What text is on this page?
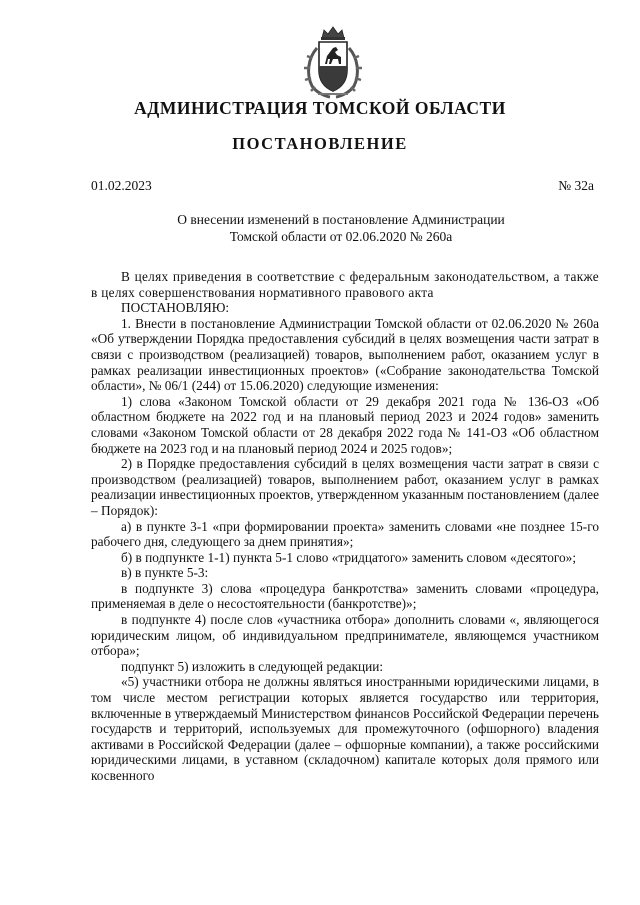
АДМИНИСТРАЦИЯ ТОМСКОЙ ОБЛАСТИ
ПОСТАНОВЛЕНИЕ
01.02.2023	№ 32а
О внесении изменений в постановление Администрации
Томской области от 02.06.2020 № 260а

В целях приведения в соответствие с федеральным законодательством, а также в целях совершенствования нормативного правового акта

ПОСТАНОВЛЯЮ:

1. Внести в постановление Администрации Томской области от 02.06.2020 № 260а «Об утверждении Порядка предоставления субсидий в целях возмещения части затрат в связи с производством (реализацией) товаров, выполнением работ, оказанием услуг в рамках реализации инвестиционных проектов» («Собрание законодательства Томской области», № 06/1 (244) от 15.06.2020) следующие изменения:

1) слова «Законом Томской области от 29 декабря 2021 года № 136-ОЗ «Об областном бюджете на 2022 год и на плановый период 2023 и 2024 годов» заменить словами «Законом Томской области от 28 декабря 2022 года № 141-ОЗ «Об областном бюджете на 2023 год и на плановый период 2024 и 2025 годов»;

2) в Порядке предоставления субсидий в целях возмещения части затрат в связи с производством (реализацией) товаров, выполнением работ, оказанием услуг в рамках реализации инвестиционных проектов, утвержденном указанным постановлением (далее – Порядок):

а) в пункте 3-1 «при формировании проекта» заменить словами «не позднее 15-го рабочего дня, следующего за днем принятия»;

б) в подпункте 1-1) пункта 5-1 слово «тридцатого» заменить словом «десятого»;

в) в пункте 5-3:

в подпункте 3) слова «процедура банкротства» заменить словами «процедура, применяемая в деле о несостоятельности (банкротстве)»;

в подпункте 4) после слов «участника отбора» дополнить словами «, являющегося юридическим лицом, об индивидуальном предпринимателе, являющемся участником отбора»;

подпункт 5) изложить в следующей редакции:

«5) участники отбора не должны являться иностранными юридическими лицами, в том числе местом регистрации которых является государство или территория, включенные в утверждаемый Министерством финансов Российской Федерации перечень государств и территорий, используемых для промежуточного (офшорного) владения активами в Российской Федерации (далее – офшорные компании), а также российскими юридическими лицами, в уставном (складочном) капитале которых доля прямого или косвенного
